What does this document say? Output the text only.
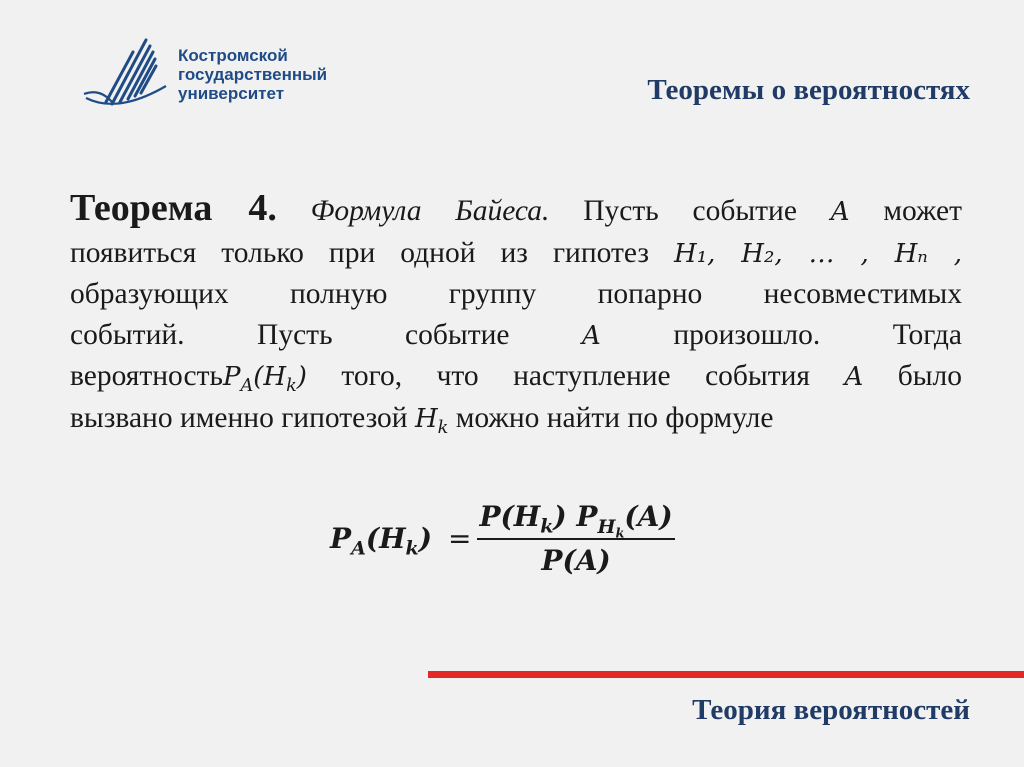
Костромской
государственный
университет	Теоремы о вероятностях
Теорема 4. Формула Байеса. Пусть событие A может
появиться только при одной из гипотез H₁, H₂, … , Hₙ ,
образующих полную группу попарно несовместимых
событий. Пусть событие	A произошло. Тогда
$вероятностьP_A(H_k)$ того, что наступление события A было
вызвано именно гипотезой $H_k$ можно найти по формуле
$P_A(H_k) = \frac{P(H_k) P_{H_k}(A)}{P(A)}$
Теория вероятностей
